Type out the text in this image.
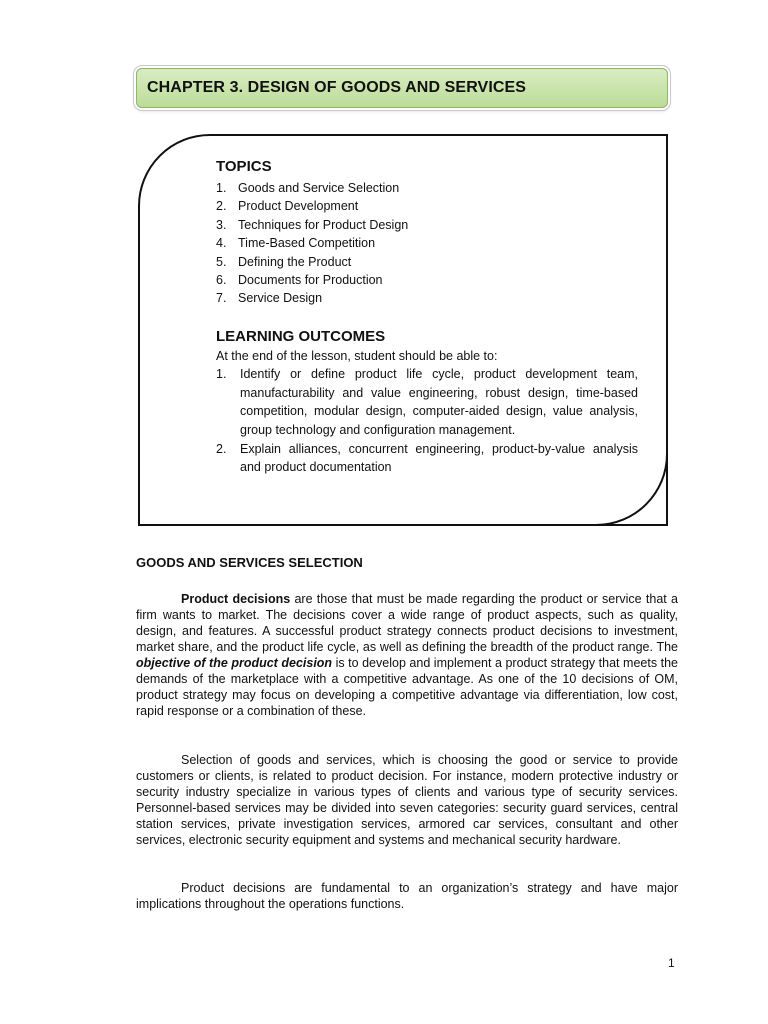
CHAPTER 3. DESIGN OF GOODS AND SERVICES
TOPICS
1. Goods and Service Selection
2. Product Development
3. Techniques for Product Design
4. Time-Based Competition
5. Defining the Product
6. Documents for Production
7. Service Design
LEARNING OUTCOMES

At the end of the lesson, student should be able to:

1.	Identify or define product life cycle, product development team, manufacturability and value engineering, robust design, time-based competition, modular design, computer-aided design, value analysis, group technology and configuration management.
2.	Explain alliances, concurrent engineering, product-by-value analysis and product documentation
GOODS AND SERVICES SELECTION

Product decisions are those that must be made regarding the product or service that a firm wants to market. The decisions cover a wide range of product aspects, such as quality, design, and features. A successful product strategy connects product decisions to investment, market share, and the product life cycle, as well as defining the breadth of the product range. The objective of the product decision is to develop and implement a product strategy that meets the demands of the marketplace with a competitive advantage. As one of the 10 decisions of OM, product strategy may focus on developing a competitive advantage via differentiation, low cost, rapid response or a combination of these.

Selection of goods and services, which is choosing the good or service to provide customers or clients, is related to product decision. For instance, modern protective industry or security industry specialize in various types of clients and various type of security services. Personnel-based services may be divided into seven categories: security guard services, central station services, private investigation services, armored car services, consultant and other services, electronic security equipment and systems and mechanical security hardware.

Product decisions are fundamental to an organization’s strategy and have major implications throughout the operations functions.

1
